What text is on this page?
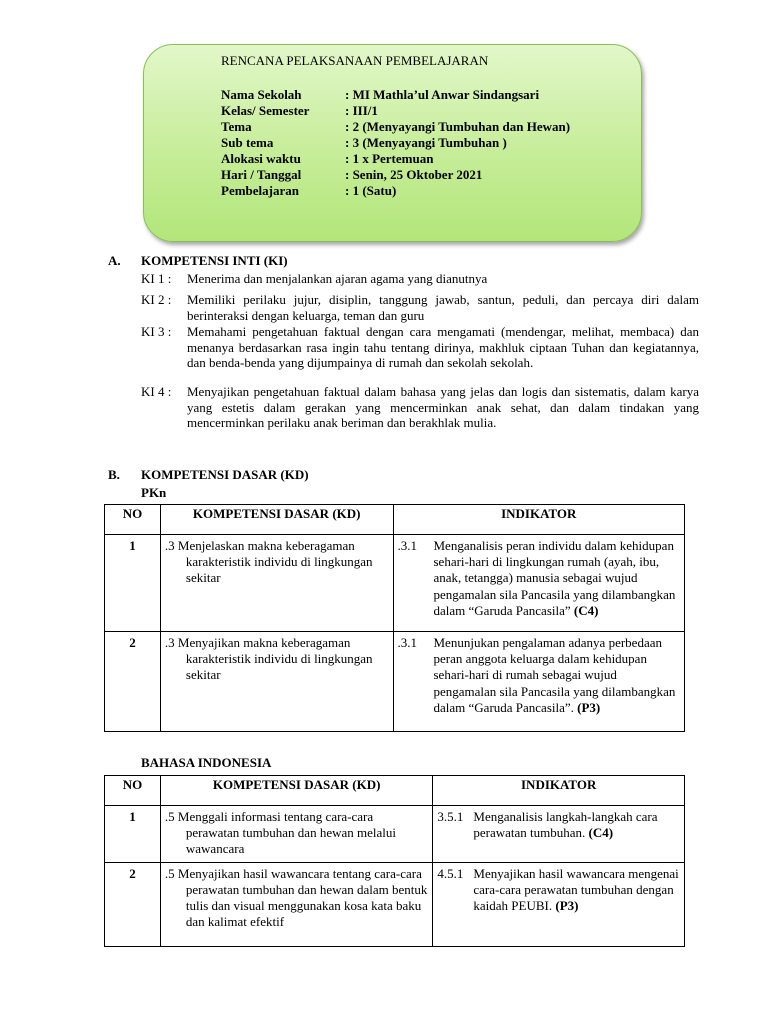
RENCANA PELAKSANAAN PEMBELAJARAN
Nama Sekolah	: MI Mathla’ul Anwar Sindangsari
Kelas/ Semester	: III/1
Tema	: 2 (Menyayangi Tumbuhan dan Hewan)
Sub tema	: 3 (Menyayangi Tumbuhan )
Alokasi waktu	: 1 x Pertemuan
Hari / Tanggal	: Senin, 25 Oktober 2021
Pembelajaran	: 1 (Satu)
A. KOMPETENSI INTI (KI)
KI 1 : Menerima dan menjalankan ajaran agama yang dianutnya
KI 2 : Memiliki perilaku jujur, disiplin, tanggung jawab, santun, peduli, dan percaya diri dalam berinteraksi dengan keluarga, teman dan guru
KI 3 : Memahami pengetahuan faktual dengan cara mengamati (mendengar, melihat, membaca) dan menanya berdasarkan rasa ingin tahu tentang dirinya, makhluk ciptaan Tuhan dan kegiatannya, dan benda-benda yang dijumpainya di rumah dan sekolah sekolah.
KI 4 : Menyajikan pengetahuan faktual dalam bahasa yang jelas dan logis dan sistematis, dalam karya yang estetis dalam gerakan yang mencerminkan anak sehat, dan dalam tindakan yang mencerminkan perilaku anak beriman dan berakhlak mulia.
B. KOMPETENSI DASAR (KD)
PKn
NO	KOMPETENSI DASAR (KD)	INDIKATOR
1	.3 Menjelaskan makna keberagaman karakteristik individu di lingkungan sekitar	.3.1 Menganalisis peran individu dalam kehidupan sehari-hari di lingkungan rumah (ayah, ibu, anak, tetangga) manusia sebagai wujud pengamalan sila Pancasila yang dilambangkan dalam “Garuda Pancasila” (C4)

2	.3 Menyajikan makna keberagaman karakteristik individu di lingkungan sekitar	.3.1 Menunjukan pengalaman adanya perbedaan peran anggota keluarga dalam kehidupan sehari-hari di rumah sebagai wujud pengamalan sila Pancasila yang dilambangkan dalam “Garuda Pancasila”. (P3)
BAHASA INDONESIA
NO	KOMPETENSI DASAR (KD)	INDIKATOR
1	.5 Menggali informasi tentang cara-cara perawatan tumbuhan dan hewan melalui wawancara	3.5.1 Menganalisis langkah-langkah cara perawatan tumbuhan. (C4)

2	.5 Menyajikan hasil wawancara tentang cara-cara perawatan tumbuhan dan hewan dalam bentuk tulis dan visual menggunakan kosa kata baku dan kalimat efektif	4.5.1 Menyajikan hasil wawancara mengenai cara-cara perawatan tumbuhan dengan kaidah PEUBI. (P3)
